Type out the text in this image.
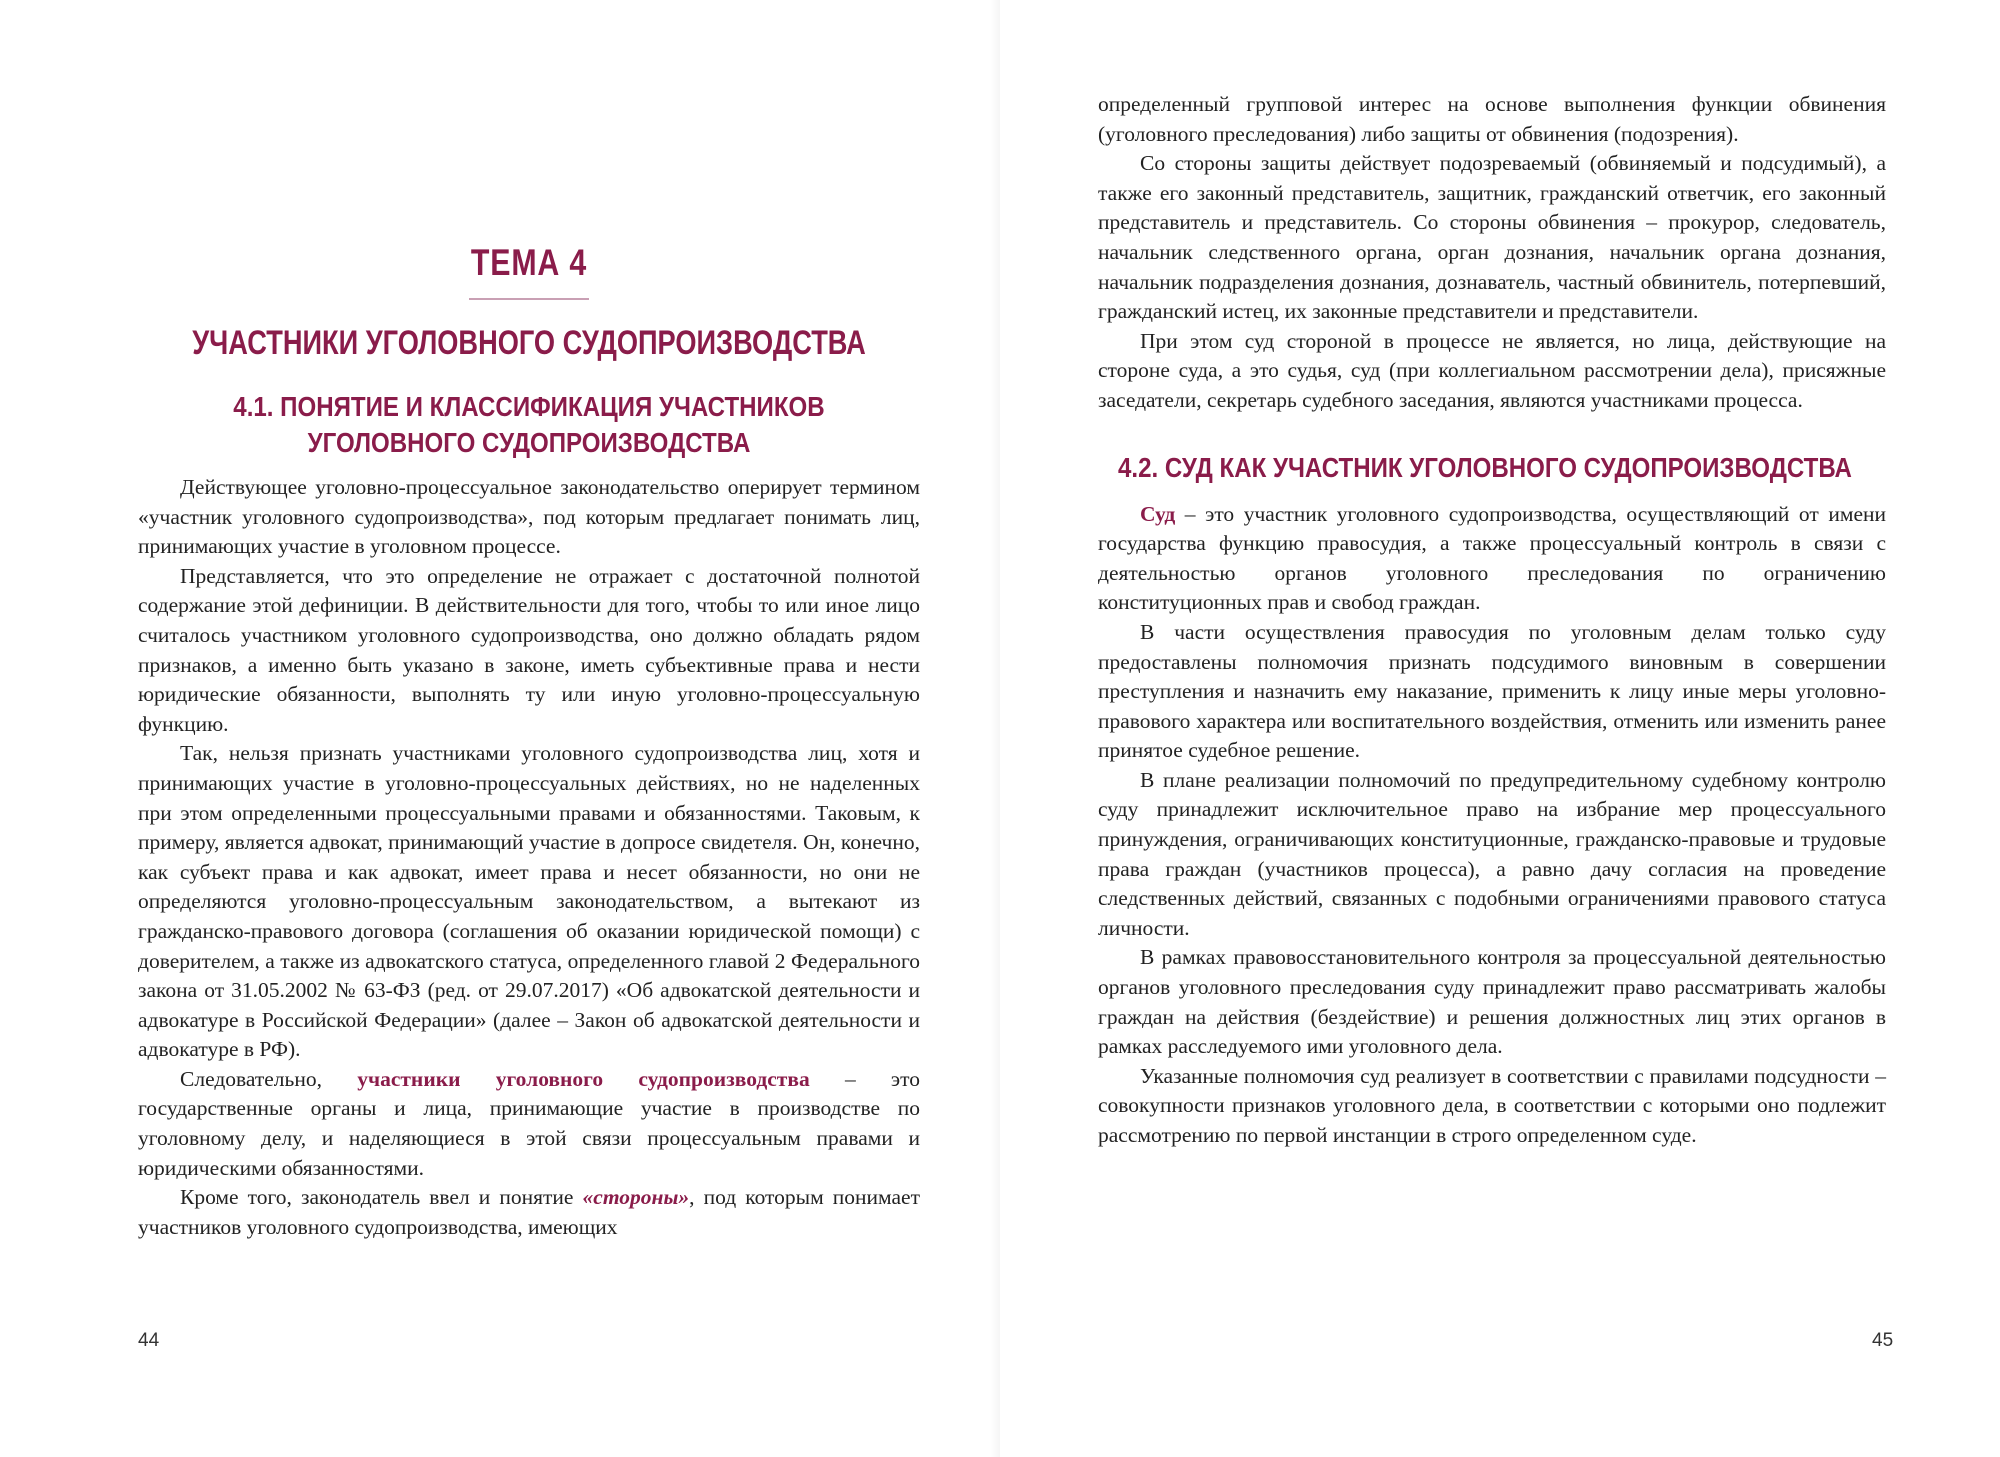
ТЕМА 4
УЧАСТНИКИ УГОЛОВНОГО СУДОПРОИЗВОДСТВА
4.1. ПОНЯТИЕ И КЛАССИФИКАЦИЯ УЧАСТНИКОВ
УГОЛОВНОГО СУДОПРОИЗВОДСТВА

Действующее уголовно-процессуальное законодательство оперирует термином «участник уголовного судопроизводства», под которым предлагает понимать лиц, принимающих участие в уголовном процессе.

Представляется, что это определение не отражает с достаточной полнотой содержание этой дефиниции. В действительности для того, чтобы то или иное лицо считалось участником уголовного судопроизводства, оно должно обладать рядом признаков, а именно быть указано в законе, иметь субъективные права и нести юридические обязанности, выполнять ту или иную уголовно-процессуальную функцию.

Так, нельзя признать участниками уголовного судопроизводства лиц, хотя и принимающих участие в уголовно-процессуальных действиях, но не наделенных при этом определенными процессуальными правами и обязанностями. Таковым, к примеру, является адвокат, принимающий участие в допросе свидетеля. Он, конечно, как субъект права и как адвокат, имеет права и несет обязанности, но они не определяются уголовно-процессуальным законодательством, а вытекают из гражданско-правового договора (соглашения об оказании юридической помощи) с доверителем, а также из адвокатского статуса, определенного главой 2 Федерального закона от 31.05.2002 № 63-ФЗ (ред. от 29.07.2017) «Об адвокатской деятельности и адвокатуре в Российской Федерации» (далее – Закон об адвокатской деятельности и адвокатуре в РФ).

Следовательно, участники уголовного судопроизводства – это государственные органы и лица, принимающие участие в производстве по уголовному делу, и наделяющиеся в этой связи процессуальным правами и юридическими обязанностями.

Кроме того, законодатель ввел и понятие «стороны», под которым понимает участников уголовного судопроизводства, имеющих

44

определенный групповой интерес на основе выполнения функции обвинения (уголовного преследования) либо защиты от обвинения (подозрения).

Со стороны защиты действует подозреваемый (обвиняемый и подсудимый), а также его законный представитель, защитник, гражданский ответчик, его законный представитель и представитель. Со стороны обвинения – прокурор, следователь, начальник следственного органа, орган дознания, начальник органа дознания, начальник подразделения дознания, дознаватель, частный обвинитель, потерпевший, гражданский истец, их законные представители и представители.

При этом суд стороной в процессе не является, но лица, действующие на стороне суда, а это судья, суд (при коллегиальном рассмотрении дела), присяжные заседатели, секретарь судебного заседания, являются участниками процесса.

4.2. СУД КАК УЧАСТНИК УГОЛОВНОГО СУДОПРОИЗВОДСТВА

Суд – это участник уголовного судопроизводства, осуществляющий от имени государства функцию правосудия, а также процессуальный контроль в связи с деятельностью органов уголовного преследования по ограничению конституционных прав и свобод граждан.

В части осуществления правосудия по уголовным делам только суду предоставлены полномочия признать подсудимого виновным в совершении преступления и назначить ему наказание, применить к лицу иные меры уголовно-правового характера или воспитательного воздействия, отменить или изменить ранее принятое судебное решение.

В плане реализации полномочий по предупредительному судебному контролю суду принадлежит исключительное право на избрание мер процессуального принуждения, ограничивающих конституционные, гражданско-правовые и трудовые права граждан (участников процесса), а равно дачу согласия на проведение следственных действий, связанных с подобными ограничениями правового статуса личности.

В рамках правовосстановительного контроля за процессуальной деятельностью органов уголовного преследования суду принадлежит право рассматривать жалобы граждан на действия (бездействие) и решения должностных лиц этих органов в рамках расследуемого ими уголовного дела.

Указанные полномочия суд реализует в соответствии с правилами подсудности – совокупности признаков уголовного дела, в соответствии с которыми оно подлежит рассмотрению по первой инстанции в строго определенном суде.

45
